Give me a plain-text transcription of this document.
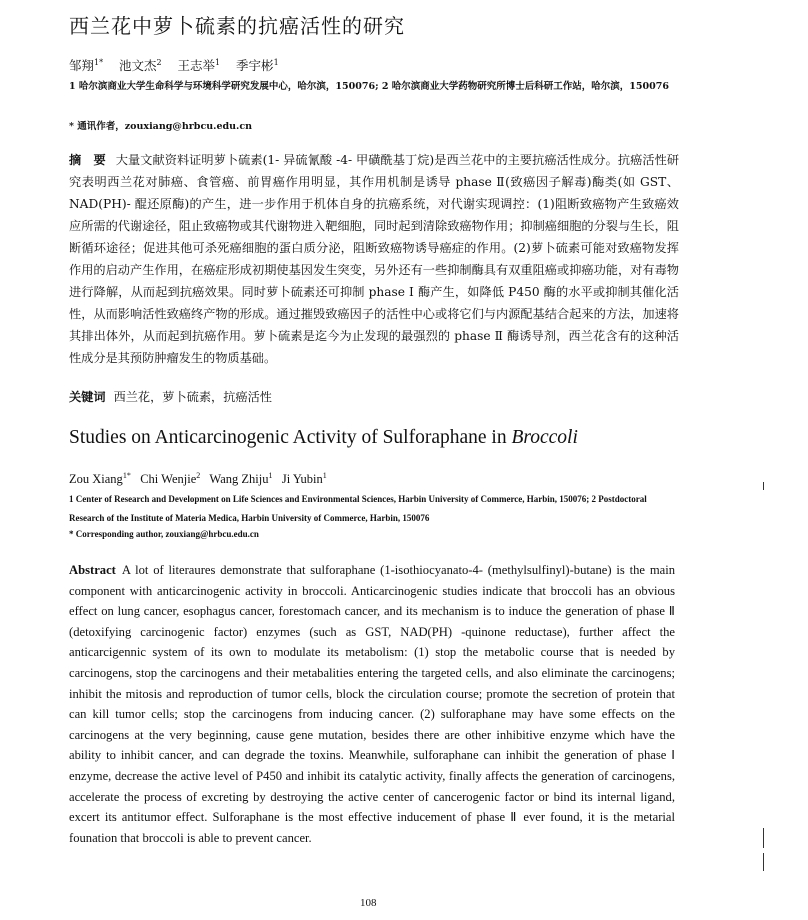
西兰花中萝卜硫素的抗癌活性的研究
邹翔$^{1*}$ 池文杰$^2$ 王志举$^1$ 季宇彬$^1$
1 哈尔滨商业大学生命科学与环境科学研究发展中心，哈尔滨，150076; 2 哈尔滨商业大学药物研究所博士后科研工作站，哈尔滨，150076
* 通讯作者，zouxiang@hrbcu.edu.cn
摘　要 大量文献资料证明萝卜硫素(1- 异硫氰酸 -4- 甲磺酰基丁烷)是西兰花中的主要抗癌活性成分。抗癌活性研究表明西兰花对肺癌、食管癌、前胃癌作用明显，其作用机制是诱导 phase Ⅱ(致癌因子解毒)酶类(如 GST、NAD(PH)- 醌还原酶)的产生，进一步作用于机体自身的抗癌系统，对代谢实现调控：(1)阻断致癌物产生致癌效应所需的代谢途径，阻止致癌物或其代谢物进入靶细胞，同时起到清除致癌物作用；抑制癌细胞的分裂与生长，阻断循环途径；促进其他可杀死癌细胞的蛋白质分泌，阻断致癌物诱导癌症的作用。(2)萝卜硫素可能对致癌物发挥作用的启动产生作用，在癌症形成初期使基因发生突变，另外还有一些抑制酶具有双重阻癌或抑癌功能，对有毒物进行降解，从而起到抗癌效果。同时萝卜硫素还可抑制 phase Ⅰ 酶产生，如降低 P450 酶的水平或抑制其催化活性，从而影响活性致癌终产物的形成。通过摧毁致癌因子的活性中心或将它们与内源配基结合起来的方法，加速将其排出体外，从而起到抗癌作用。萝卜硫素是迄今为止发现的最强烈的 phase Ⅱ 酶诱导剂，西兰花含有的这种活性成分是其预防肿瘤发生的物质基础。
关键词 西兰花，萝卜硫素，抗癌活性
Studies on Anticarcinogenic Activity of Sulforaphane in Broccoli
Zou Xiang$^{1*}$ Chi Wenjie$^2$ Wang Zhiju$^1$ Ji Yubin$^1$
1 Center of Research and Development on Life Sciences and Environmental Sciences, Harbin University of Commerce, Harbin, 150076; 2 Postdoctoral Research of the Institute of Materia Medica, Harbin University of Commerce, Harbin, 150076
* Corresponding author, zouxiang@hrbcu.edu.cn
Abstract A lot of literaures demonstrate that sulforaphane (1-isothiocyanato-4- (methylsulfinyl)-butane) is the main component with anticarcinogenic activity in broccoli. Anticarcinogenic studies indicate that broccoli has an obvious effect on lung cancer, esophagus cancer, forestomach cancer, and its mechanism is to induce the generation of phase Ⅱ (detoxifying carcinogenic factor) enzymes (such as GST, NAD(PH) -quinone reductase), further affect the anticarcigennic system of its own to modulate its metabolism: (1) stop the metabolic course that is needed by carcinogens, stop the carcinogens and their metabalities entering the targeted cells, and also eliminate the carcinogens; inhibit the mitosis and reproduction of tumor cells, block the circulation course; promote the secretion of protein that can kill tumor cells; stop the carcinogens from inducing cancer. (2) sulforaphane may have some effects on the carcinogens at the very beginning, cause gene mutation, besides there are other inhibitive enzyme which have the ability to inhibit cancer, and can degrade the toxins. Meanwhile, sulforaphane can inhibit the generation of phase Ⅰ enzyme, decrease the active level of P450 and inhibit its catalytic activity, finally affects the generation of carcinogens, accelerate the process of excreting by destroying the active center of cancerogenic factor or bind its internal ligand, excert its antitumor effect. Sulforaphane is the most effective inducement of phase Ⅱ ever found, it is the metarial founation that broccoli is able to prevent cancer.
108
